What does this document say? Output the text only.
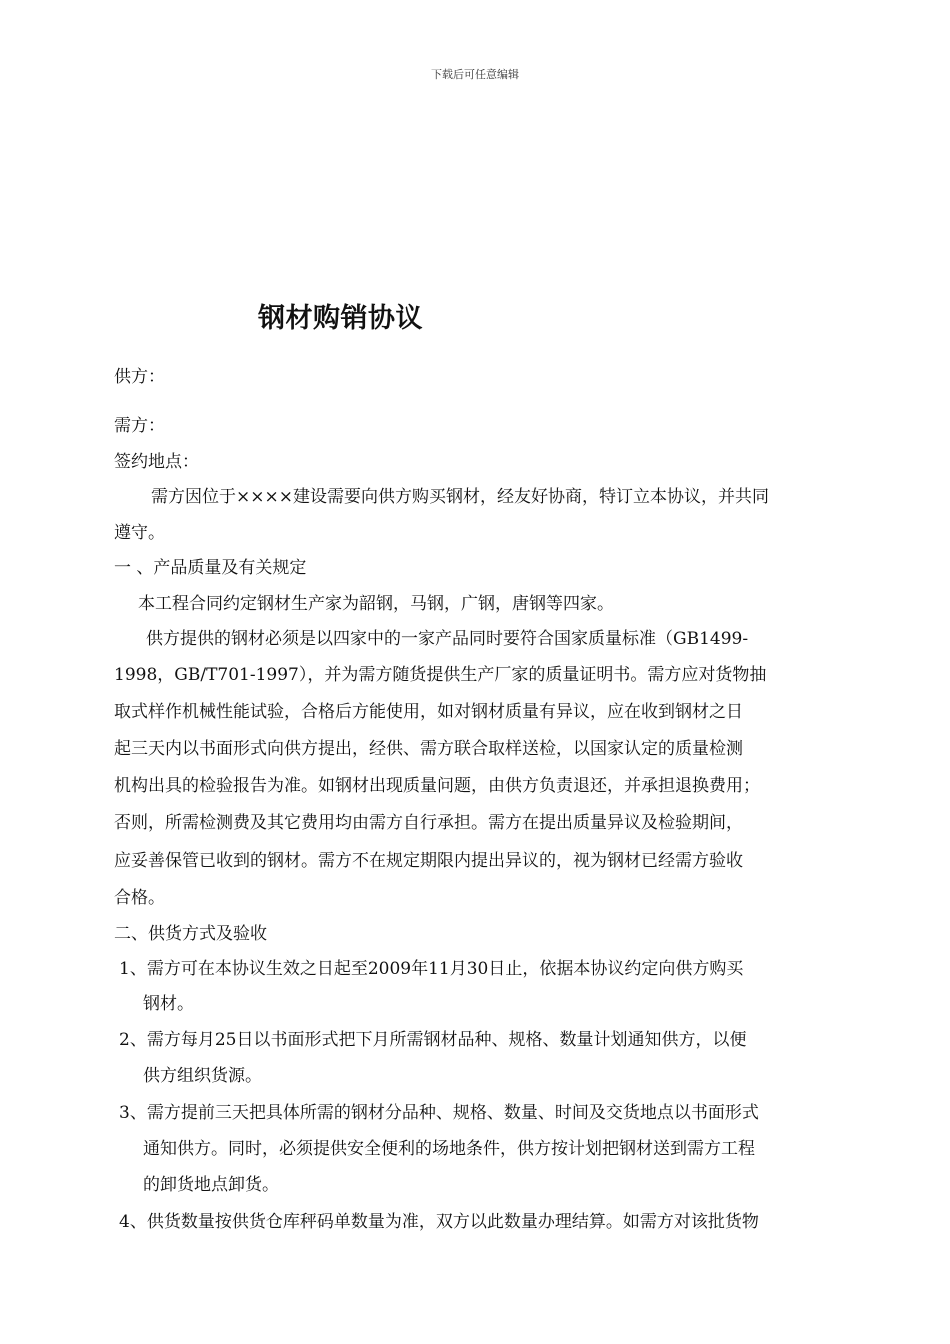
下载后可任意编辑
钢材购销协议
供方：
需方：
签约地点：
需方因位于××××建设需要向供方购买钢材，经友好协商，特订立本协议，并共同
遵守。
一 、产品质量及有关规定
本工程合同约定钢材生产家为韶钢，马钢，广钢，唐钢等四家。
供方提供的钢材必须是以四家中的一家产品同时要符合国家质量标准（GB1499-
1998，GB/T701-1997），并为需方随货提供生产厂家的质量证明书。需方应对货物抽
取式样作机械性能试验，合格后方能使用，如对钢材质量有异议，应在收到钢材之日
起三天内以书面形式向供方提出，经供、需方联合取样送检，以国家认定的质量检测
机构出具的检验报告为准。如钢材出现质量问题，由供方负责退还，并承担退换费用；
否则，所需检测费及其它费用均由需方自行承担。需方在提出质量异议及检验期间，
应妥善保管已收到的钢材。需方不在规定期限内提出异议的，视为钢材已经需方验收
合格。
二、供货方式及验收
1、需方可在本协议生效之日起至2009年11月30日止，依据本协议约定向供方购买
钢材。
2、需方每月25日以书面形式把下月所需钢材品种、规格、数量计划通知供方，以便
供方组织货源。
3、需方提前三天把具体所需的钢材分品种、规格、数量、时间及交货地点以书面形式
通知供方。同时，必须提供安全便利的场地条件，供方按计划把钢材送到需方工程
的卸货地点卸货。
4、供货数量按供货仓库秤码单数量为准，双方以此数量办理结算。如需方对该批货物
